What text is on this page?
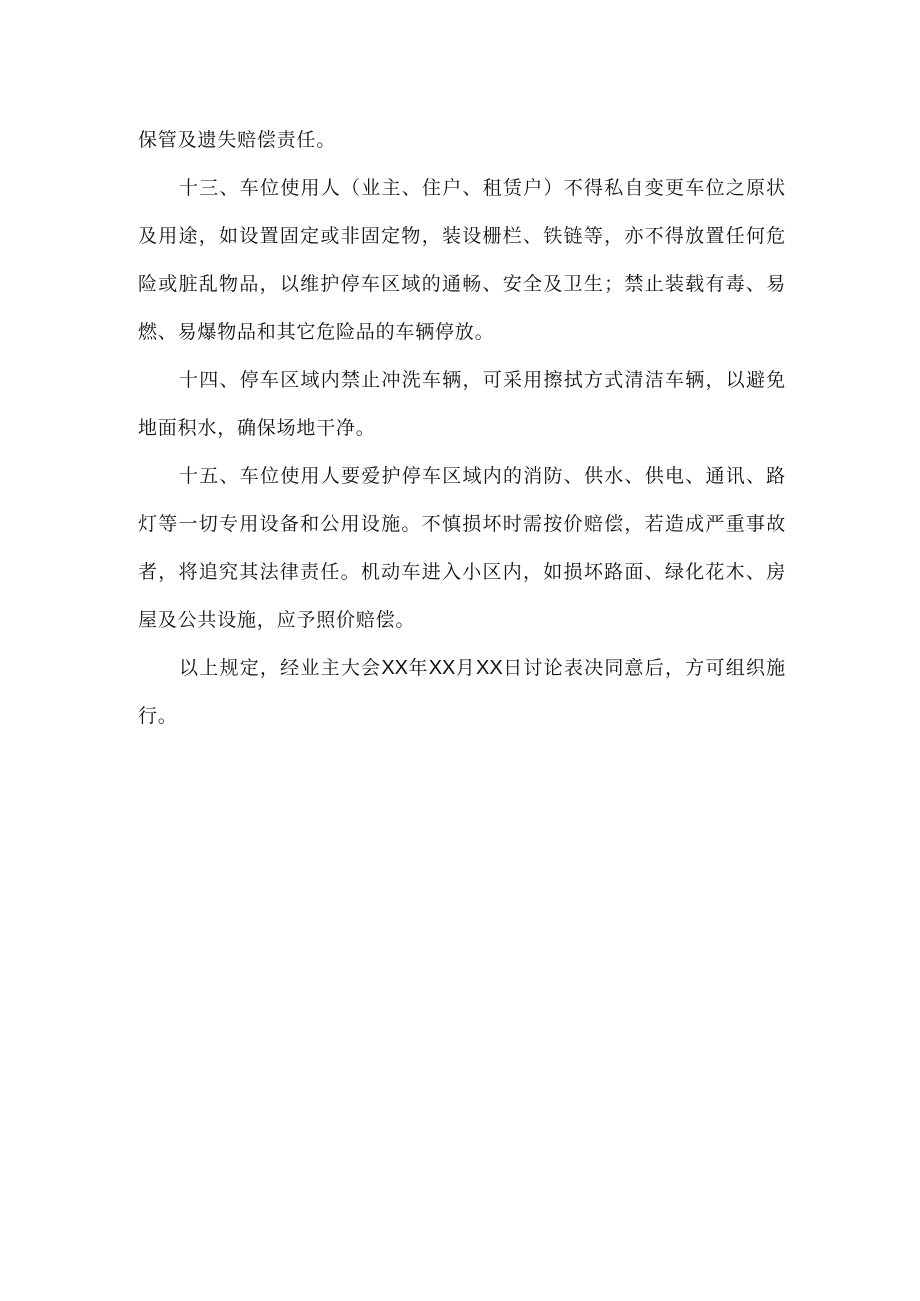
保管及遗失赔偿责任。

十三、车位使用人（业主、住户、租赁户）不得私自变更车位之原状及用途，如设置固定或非固定物，装设栅栏、铁链等，亦不得放置任何危险或脏乱物品，以维护停车区域的通畅、安全及卫生；禁止装载有毒、易燃、易爆物品和其它危险品的车辆停放。

十四、停车区域内禁止冲洗车辆，可采用擦拭方式清洁车辆，以避免地面积水，确保场地干净。

十五、车位使用人要爱护停车区域内的消防、供水、供电、通讯、路灯等一切专用设备和公用设施。不慎损坏时需按价赔偿，若造成严重事故者，将追究其法律责任。机动车进入小区内，如损坏路面、绿化花木、房屋及公共设施，应予照价赔偿。

以上规定，经业主大会XX年XX月XX日讨论表决同意后，方可组织施行。
